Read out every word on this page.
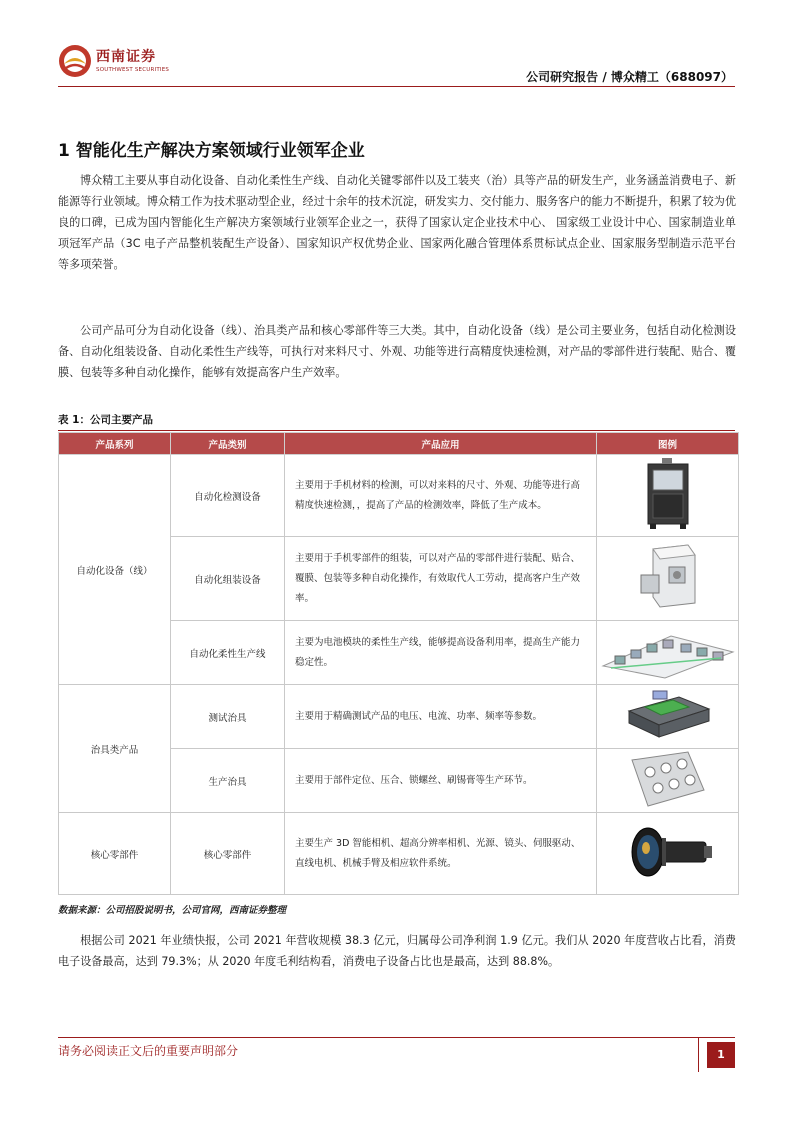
西南证券
SOUTHWEST SECURITIES	公司研究报告 / 博众精工（688097）
1 智能化生产解决方案领域行业领军企业
博众精工主要从事自动化设备、自动化柔性生产线、自动化关键零部件以及工装夹（治）具等产品的研发生产，业务涵盖消费电子、新能源等行业领域。博众精工作为技术驱动型企业，经过十余年的技术沉淀，研发实力、交付能力、服务客户的能力不断提升，积累了较为优良的口碑，已成为国内智能化生产解决方案领域行业领军企业之一，获得了国家认定企业技术中心、 国家级工业设计中心、国家制造业单项冠军产品（3C 电子产品整机装配生产设备）、国家知识产权优势企业、国家两化融合管理体系贯标试点企业、国家服务型制造示范平台等多项荣誉。
公司产品可分为自动化设备（线）、治具类产品和核心零部件等三大类。其中，自动化设备（线）是公司主要业务，包括自动化检测设备、自动化组装设备、自动化柔性生产线等，可执行对来料尺寸、外观、功能等进行高精度快速检测，对产品的零部件进行装配、贴合、覆膜、包装等多种自动化操作，能够有效提高客户生产效率。
表 1：公司主要产品
产品系列	产品类别	产品应用	图例
自动化设备（线）	自动化检测设备	主要用于手机材料的检测，可以对来料的尺寸、外观、功能等进行高精度快速检测，，提高了产品的检测效率，降低了生产成本。	
	自动化组装设备	主要用于手机零部件的组装，可以对产品的零部件进行装配、贴合、覆膜、包装等多种自动化操作，有效取代人工劳动，提高客户生产效率。	
	自动化柔性生产线	主要为电池模块的柔性生产线，能够提高设备利用率，提高生产能力稳定性。	
治具类产品	测试治具	主要用于精确测试产品的电压、电流、功率、频率等参数。	
	生产治具	主要用于部件定位、压合、锁螺丝、刷锡膏等生产环节。	
核心零部件	核心零部件	主要生产 3D 智能相机、超高分辨率相机、光源、镜头、伺服驱动、直线电机、机械手臂及相应软件系统。	
数据来源：公司招股说明书，公司官网，西南证券整理
根据公司 2021 年业绩快报，公司 2021 年营收规模 38.3 亿元，归属母公司净利润 1.9 亿元。我们从 2020 年度营收占比看，消费电子设备最高，达到 79.3%；从 2020 年度毛利结构看，消费电子设备占比也是最高，达到 88.8%。
请务必阅读正文后的重要声明部分	1
